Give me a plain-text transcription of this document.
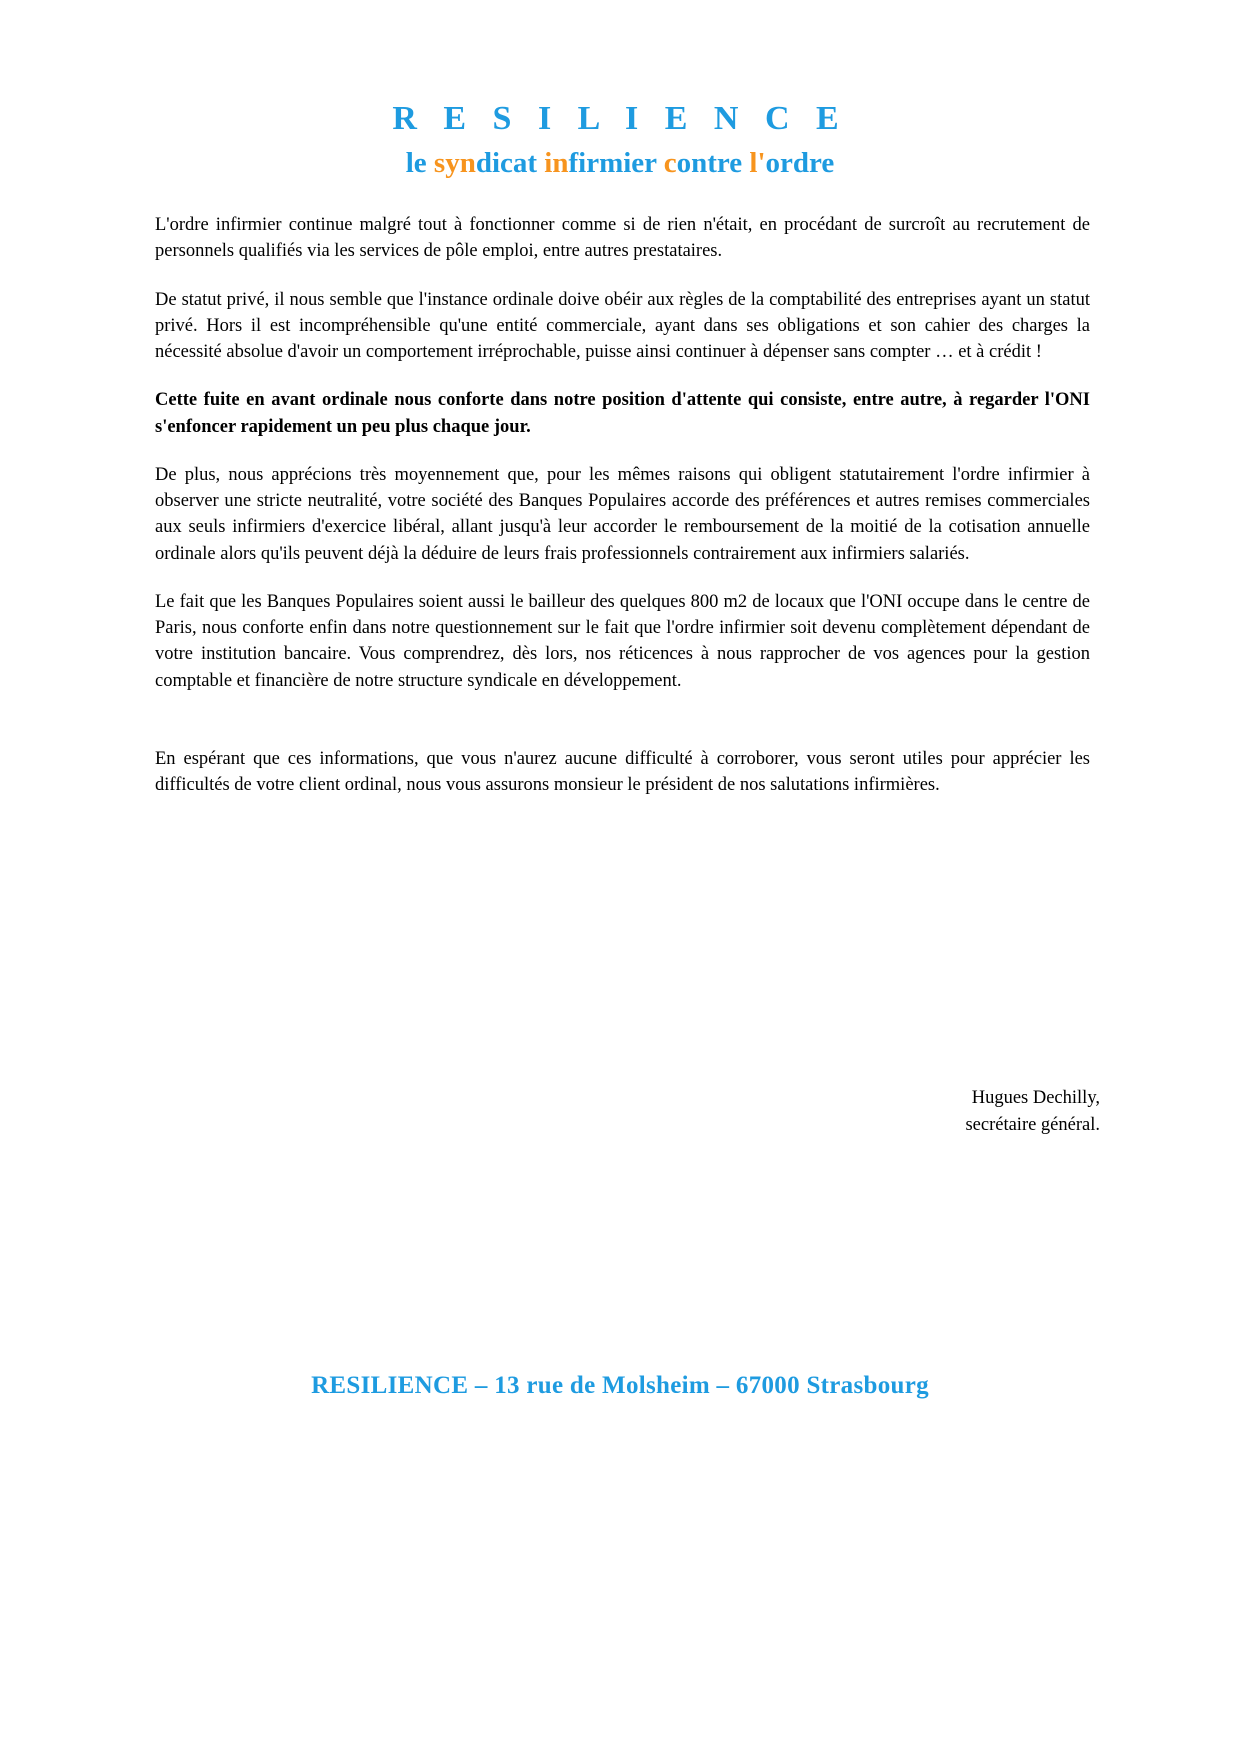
R E S I L I E N C E
le syndicat infirmier contre l'ordre

L'ordre infirmier continue malgré tout à fonctionner comme si de rien n'était, en procédant de surcroît au recrutement de personnels qualifiés via les services de pôle emploi, entre autres prestataires.

De statut privé, il nous semble que l'instance ordinale doive obéir aux règles de la comptabilité des entreprises ayant un statut privé. Hors il est incompréhensible qu'une entité commerciale, ayant dans ses obligations et son cahier des charges la nécessité absolue d'avoir un comportement irréprochable, puisse ainsi continuer à dépenser sans compter … et à crédit !

Cette fuite en avant ordinale nous conforte dans notre position d'attente qui consiste, entre autre, à regarder l'ONI s'enfoncer rapidement un peu plus chaque jour.

De plus, nous apprécions très moyennement que, pour les mêmes raisons qui obligent statutairement l'ordre infirmier à observer une stricte neutralité, votre société des Banques Populaires accorde des préférences et autres remises commerciales aux seuls infirmiers d'exercice libéral, allant jusqu'à leur accorder le remboursement de la moitié de la cotisation annuelle ordinale alors qu'ils peuvent déjà la déduire de leurs frais professionnels contrairement aux infirmiers salariés.

Le fait que les Banques Populaires soient aussi le bailleur des quelques 800 m2 de locaux que l'ONI occupe dans le centre de Paris, nous conforte enfin dans notre questionnement sur le fait que l'ordre infirmier soit devenu complètement dépendant de votre institution bancaire. Vous comprendrez, dès lors, nos réticences à nous rapprocher de vos agences pour la gestion comptable et financière de notre structure syndicale en développement.

En espérant que ces informations, que vous n'aurez aucune difficulté à corroborer, vous seront utiles pour apprécier les difficultés de votre client ordinal, nous vous assurons monsieur le président de nos salutations infirmières.

Hugues Dechilly,
secrétaire général.
RESILIENCE – 13 rue de Molsheim – 67000 Strasbourg
